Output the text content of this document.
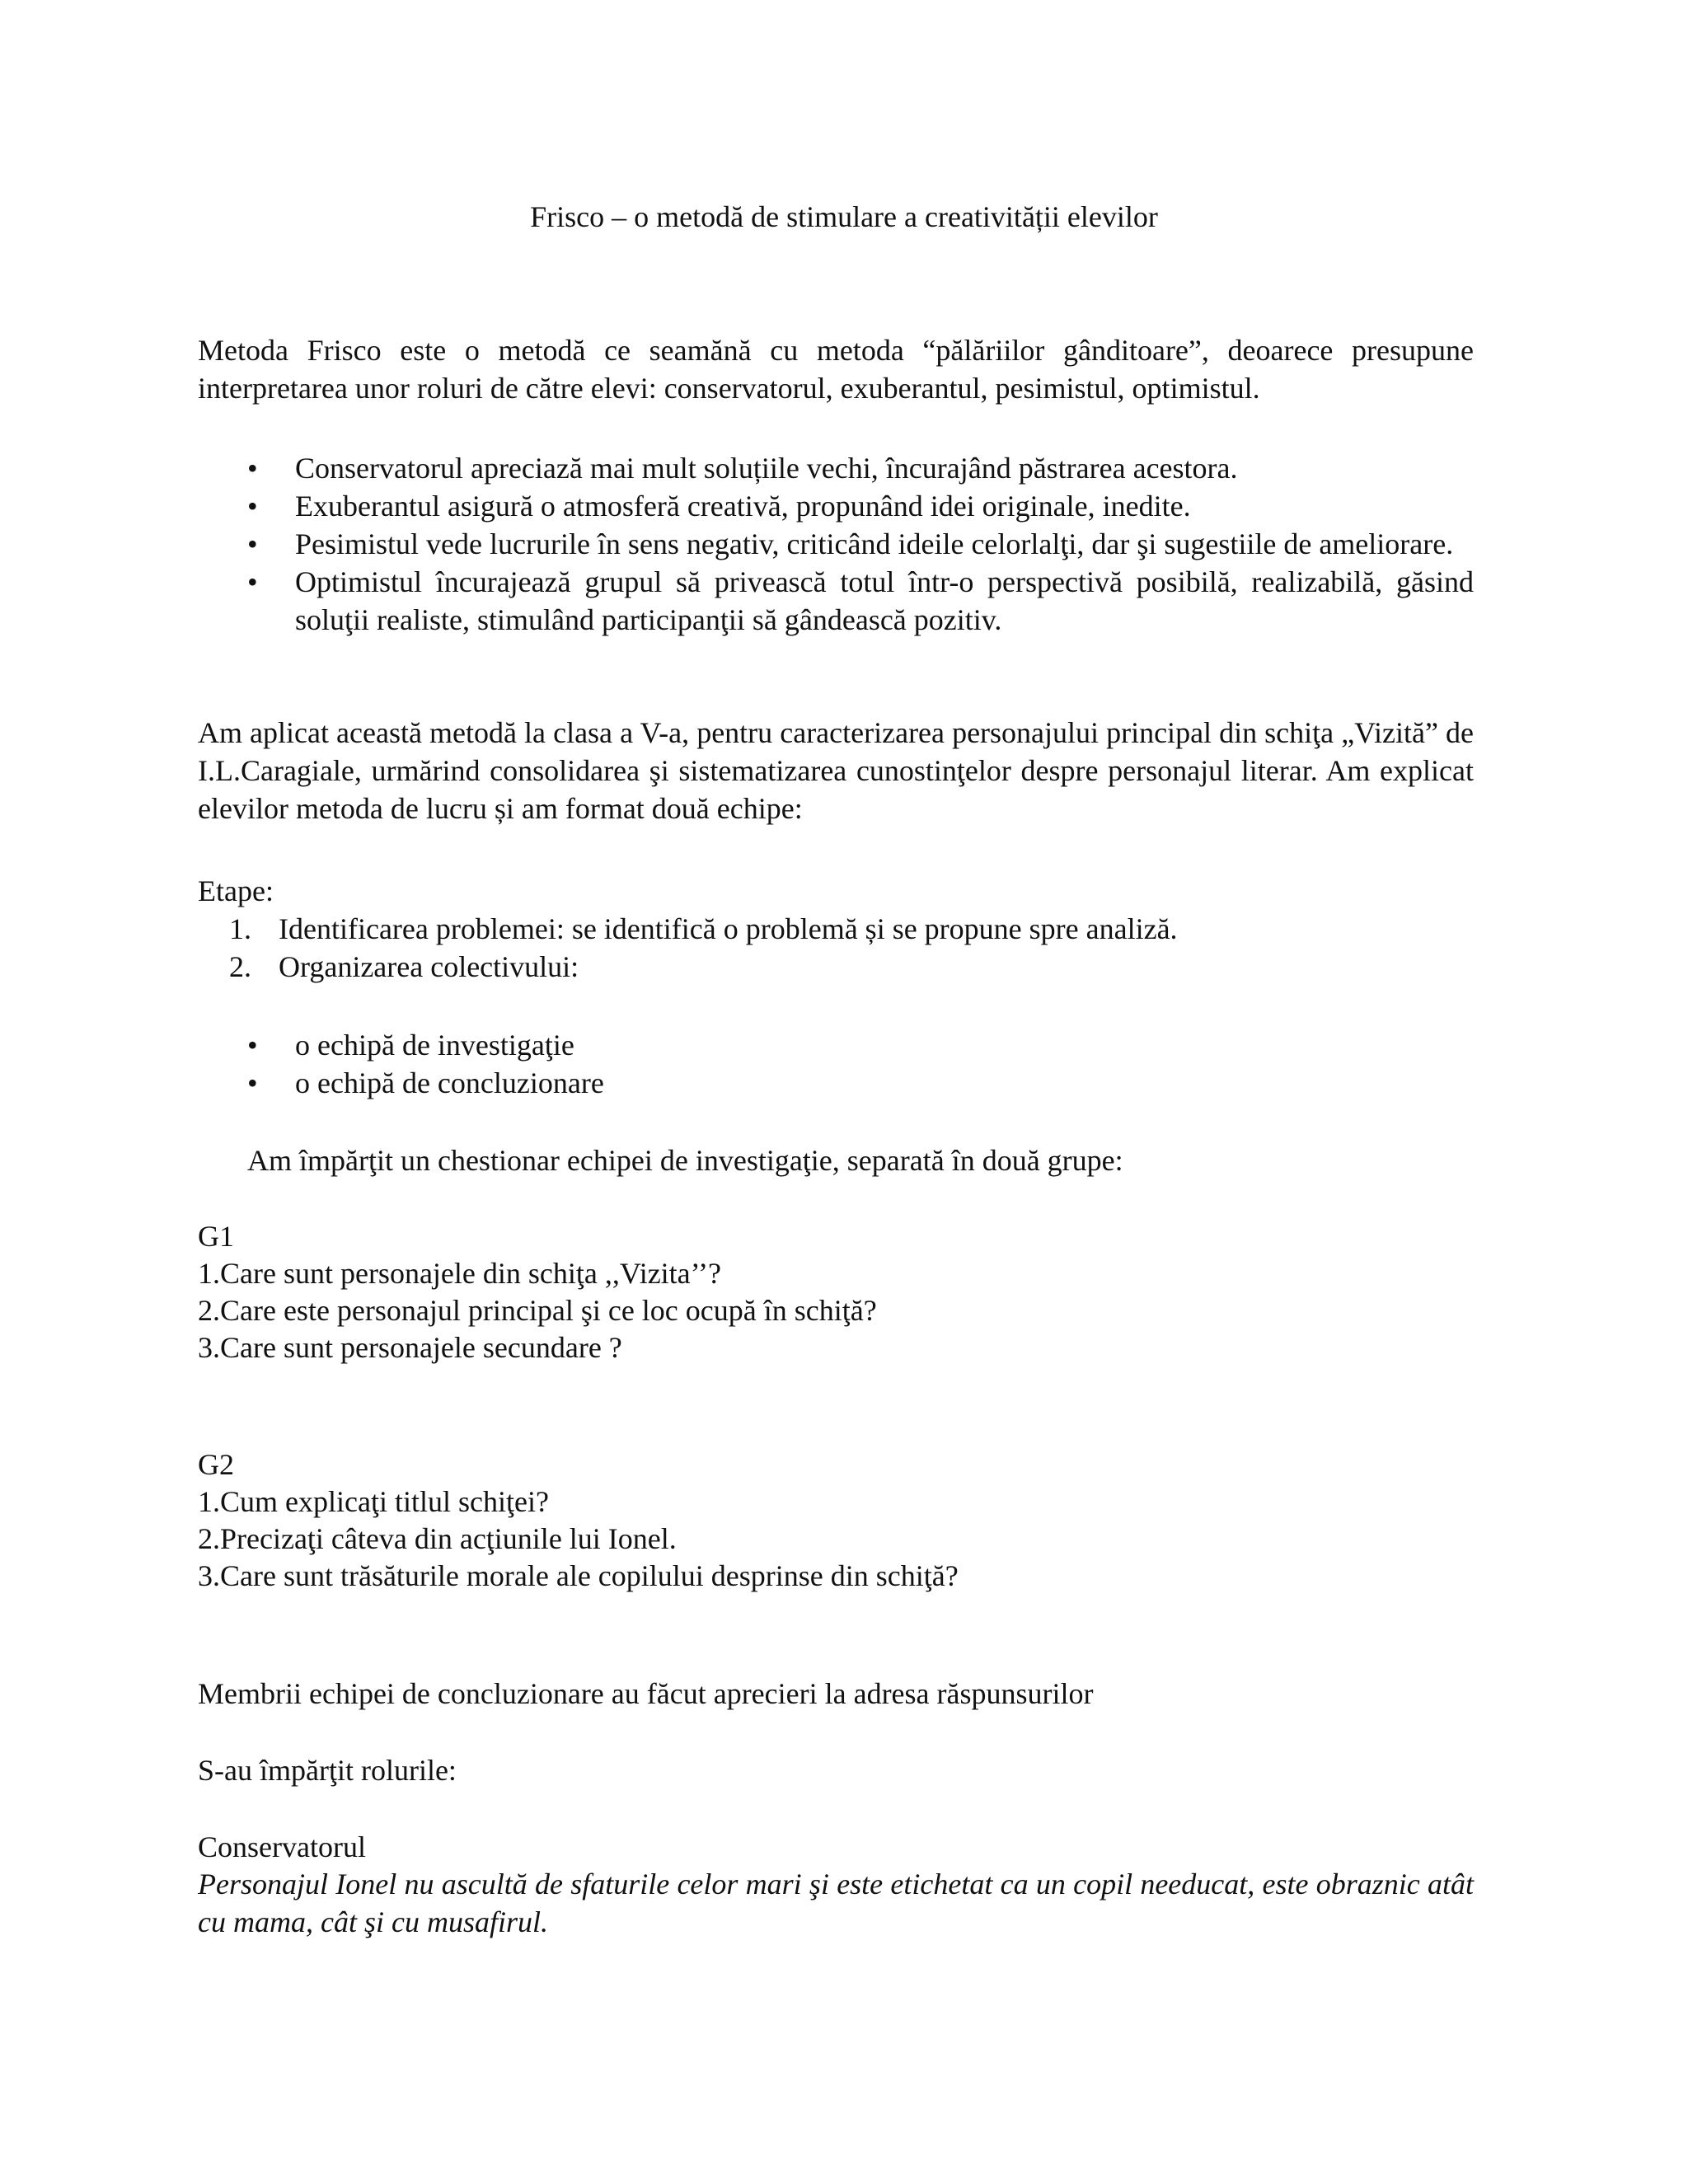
Frisco – o metodă de stimulare a creativității elevilor

Metoda Frisco este o metodă ce seamănă cu metoda “pălăriilor gânditoare”, deoarece presupune interpretarea unor roluri de către elevi: conservatorul, exuberantul, pesimistul, optimistul.

• Conservatorul apreciază mai mult soluțiile vechi, încurajând păstrarea acestora.
• Exuberantul asigură o atmosferă creativă, propunând idei originale, inedite.
• Pesimistul vede lucrurile în sens negativ, criticând ideile celorlalţi, dar şi sugestiile de ameliorare.
• Optimistul încurajează grupul să privească totul într-o perspectivă posibilă, realizabilă, găsind soluţii realiste, stimulând participanţii să gândească pozitiv.

Am aplicat această metodă la clasa a V-a, pentru caracterizarea personajului principal din schiţa „Vizită” de I.L.Caragiale, urmărind consolidarea şi sistematizarea cunostinţelor despre personajul literar. Am explicat elevilor metoda de lucru și am format două echipe:

Etape:

1. Identificarea problemei: se identifică o problemă și se propune spre analiză.
2. Organizarea colectivului:
• o echipă de investigaţie
• o echipă de concluzionare

Am împărţit un chestionar echipei de investigaţie, separată în două grupe:

G1

1.Care sunt personajele din schiţa ,,Vizita’’?

2.Care este personajul principal şi ce loc ocupă în schiţă?

3.Care sunt personajele secundare ?

G2

1.Cum explicaţi titlul schiţei?

2.Precizaţi câteva din acţiunile lui Ionel.

3.Care sunt trăsăturile morale ale copilului desprinse din schiţă?

Membrii echipei de concluzionare au făcut aprecieri la adresa răspunsurilor

S-au împărţit rolurile:

Conservatorul

Personajul Ionel nu ascultă de sfaturile celor mari şi este etichetat ca un copil needucat, este obraznic atât cu mama, cât şi cu musafirul.
